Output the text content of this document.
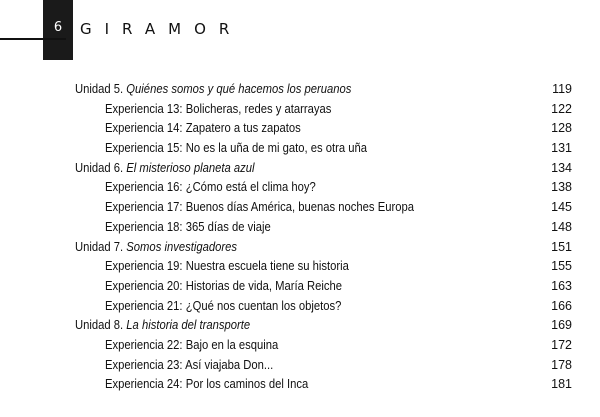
6	GIRAMOR
Unidad 5. Quiénes somos y qué hacemos los peruanos	119
Experiencia 13: Bolicheras, redes y atarrayas	122
Experiencia 14: Zapatero a tus zapatos	128
Experiencia 15: No es la uña de mi gato, es otra uña	131
Unidad 6. El misterioso planeta azul	134
Experiencia 16: ¿Cómo está el clima hoy?	138
Experiencia 17: Buenos días América, buenas noches Europa	145
Experiencia 18: 365 días de viaje	148
Unidad 7. Somos investigadores	151
Experiencia 19: Nuestra escuela tiene su historia	155
Experiencia 20: Historias de vida, María Reiche	163
Experiencia 21: ¿Qué nos cuentan los objetos?	166
Unidad 8. La historia del transporte	169
Experiencia 22: Bajo en la esquina	172
Experiencia 23: Así viajaba Don...	178
Experiencia 24: Por los caminos del Inca	181
